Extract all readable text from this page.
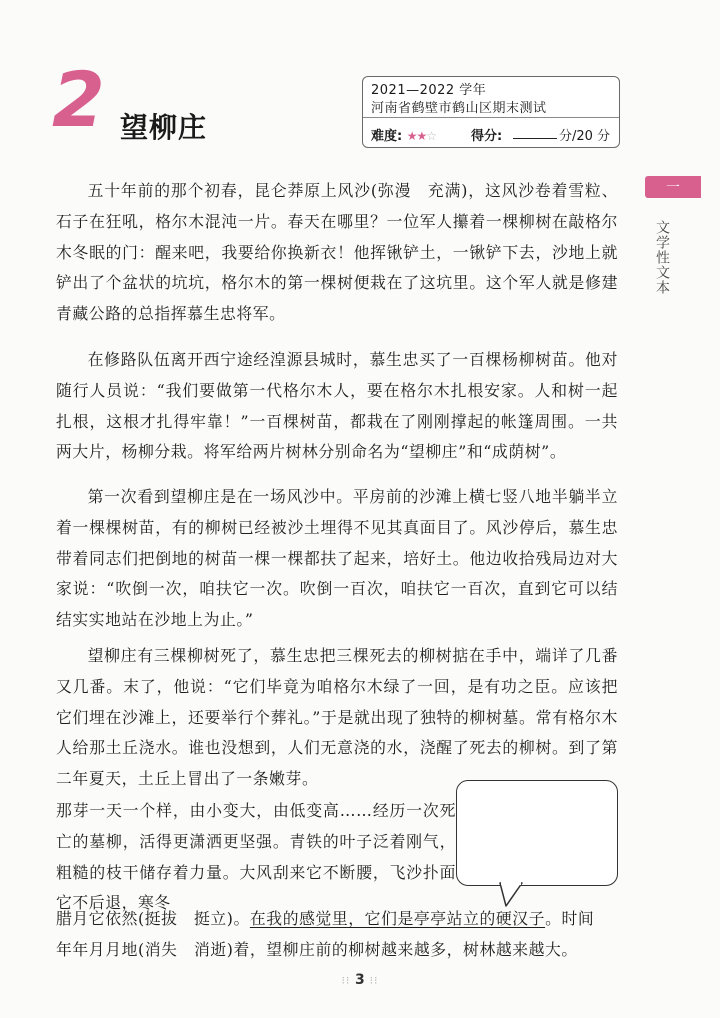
2 望柳庄
2021—2022 学年
河南省鹤壁市鹤山区期末测试
难度: ★★☆	得分:	分/20 分
一
文学性文本

五十年前的那个初春，昆仑莽原上风沙(弥漫　充满)，这风沙卷着雪粒、石子在狂吼，格尔木混沌一片。春天在哪里？一位军人攥着一棵柳树在敲格尔木冬眠的门：醒来吧，我要给你换新衣！他挥锹铲土，一锹铲下去，沙地上就铲出了个盆状的坑坑，格尔木的第一棵树便栽在了这坑里。这个军人就是修建青藏公路的总指挥慕生忠将军。

在修路队伍离开西宁途经湟源县城时，慕生忠买了一百棵杨柳树苗。他对随行人员说：“我们要做第一代格尔木人，要在格尔木扎根安家。人和树一起扎根，这根才扎得牢靠！”一百棵树苗，都栽在了刚刚撑起的帐篷周围。一共两大片，杨柳分栽。将军给两片树林分别命名为“望柳庄”和“成荫树”。

第一次看到望柳庄是在一场风沙中。平房前的沙滩上横七竖八地半躺半立着一棵棵树苗，有的柳树已经被沙土埋得不见其真面目了。风沙停后，慕生忠带着同志们把倒地的树苗一棵一棵都扶了起来，培好土。他边收拾残局边对大家说：“吹倒一次，咱扶它一次。吹倒一百次，咱扶它一百次，直到它可以结结实实地站在沙地上为止。”

望柳庄有三棵柳树死了，慕生忠把三棵死去的柳树掂在手中，端详了几番又几番。末了，他说：“它们毕竟为咱格尔木绿了一回，是有功之臣。应该把它们埋在沙滩上，还要举行个葬礼。”于是就出现了独特的柳树墓。常有格尔木人给那土丘浇水。谁也没想到，人们无意浇的水，浇醒了死去的柳树。到了第二年夏天，土丘上冒出了一条嫩芽。

那芽一天一个样，由小变大，由低变高……经历一次死亡的墓柳，活得更潇洒更坚强。青铁的叶子泛着刚气，粗糙的枝干储存着力量。大风刮来它不断腰，飞沙扑面它不后退，寒冬

腊月它依然(挺拔　挺立)。在我的感觉里，它们是亭亭站立的硬汉子。时间

年年月月地(消失　消逝)着，望柳庄前的柳树越来越多，树林越来越大。

⁝⁝ 3 ⁝⁝
